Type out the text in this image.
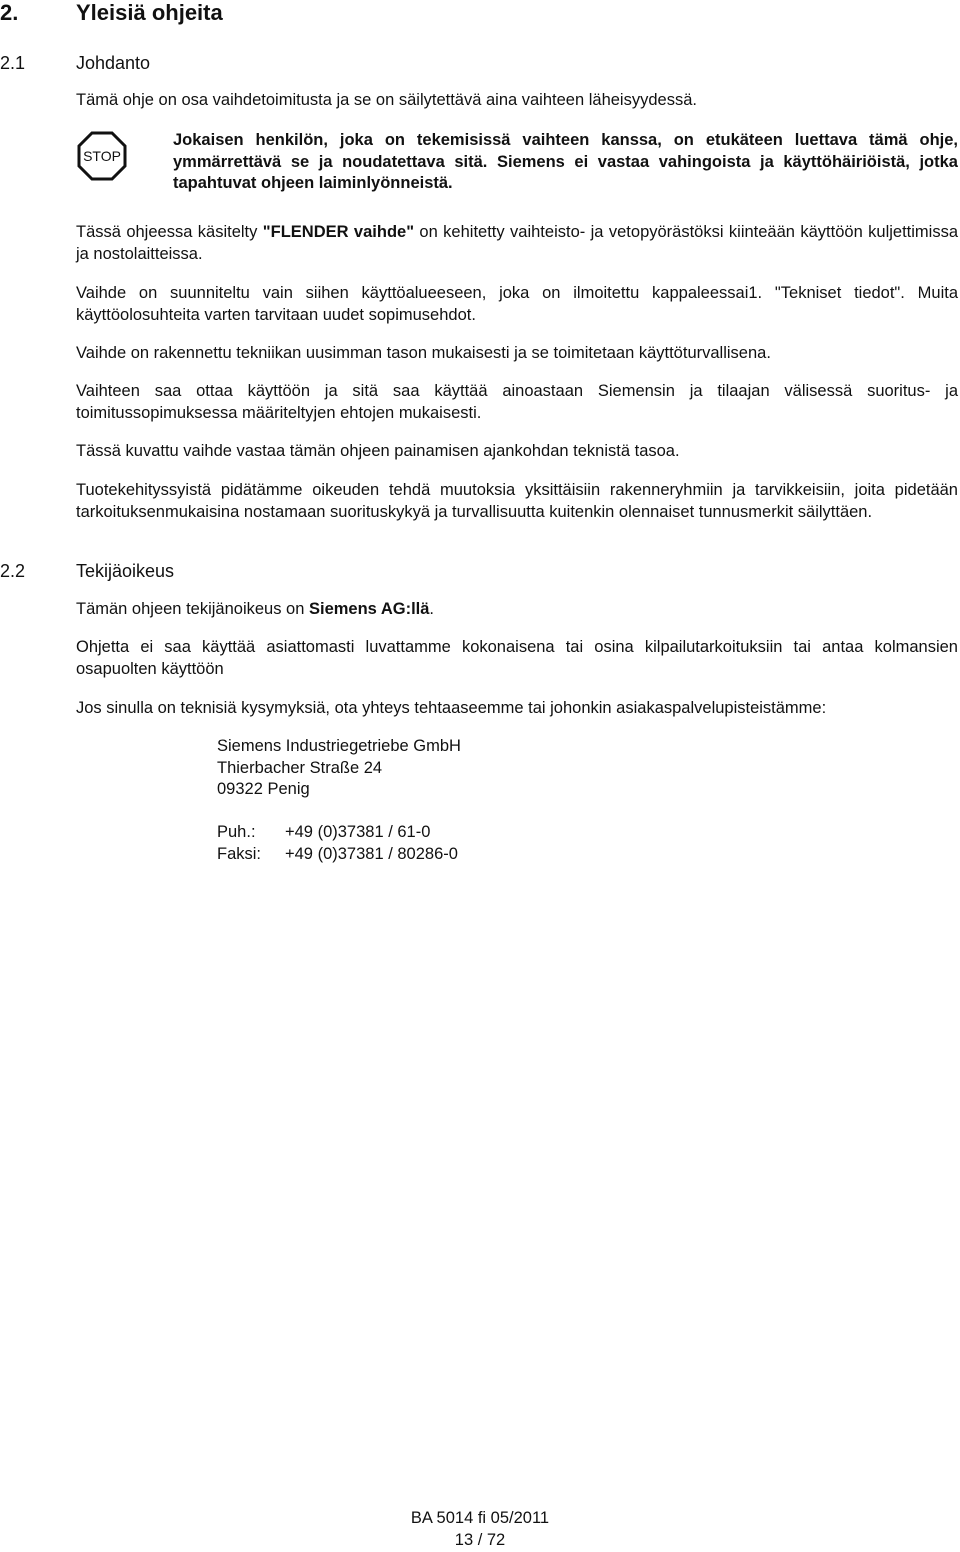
2.	Yleisiä ohjeita
2.1	Johdanto
Tämä ohje on osa vaihdetoimitusta ja se on säilytettävä aina vaihteen läheisyydessä.
STOP
Jokaisen henkilön, joka on tekemisissä vaihteen kanssa, on etukäteen luettava tämä ohje, ymmärrettävä se ja noudatettava sitä. Siemens ei vastaa vahingoista ja käyttöhäiriöistä, jotka tapahtuvat ohjeen laiminlyönneistä.
Tässä ohjeessa käsitelty "FLENDER vaihde" on kehitetty vaihteisto- ja vetopyörästöksi kiinteään käyttöön kuljettimissa ja nostolaitteissa.
Vaihde on suunniteltu vain siihen käyttöalueeseen, joka on ilmoitettu kappaleessai1. "Tekniset tiedot". Muita käyttöolosuhteita varten tarvitaan uudet sopimusehdot.
Vaihde on rakennettu tekniikan uusimman tason mukaisesti ja se toimitetaan käyttöturvallisena.
Vaihteen saa ottaa käyttöön ja sitä saa käyttää ainoastaan Siemensin ja tilaajan välisessä suoritus- ja toimitussopimuksessa määriteltyjen ehtojen mukaisesti.
Tässä kuvattu vaihde vastaa tämän ohjeen painamisen ajankohdan teknistä tasoa.
Tuotekehityssyistä pidätämme oikeuden tehdä muutoksia yksittäisiin rakenneryhmiin ja tarvikkeisiin, joita pidetään tarkoituksenmukaisina nostamaan suorituskykyä ja turvallisuutta kuitenkin olennaiset tunnusmerkit säilyttäen.
2.2	Tekijäoikeus
Tämän ohjeen tekijänoikeus on Siemens AG:llä.
Ohjetta ei saa käyttää asiattomasti luvattamme kokonaisena tai osina kilpailutarkoituksiin tai antaa kolmansien osapuolten käyttöön
Jos sinulla on teknisiä kysymyksiä, ota yhteys tehtaaseemme tai johonkin asiakaspalvelupisteistämme:
Siemens Industriegetriebe GmbH
Thierbacher Straße 24
09322 Penig
Puh.: +49 (0)37381 / 61-0
Faksi: +49 (0)37381 / 80286-0
BA 5014 fi 05/2011
13 / 72
